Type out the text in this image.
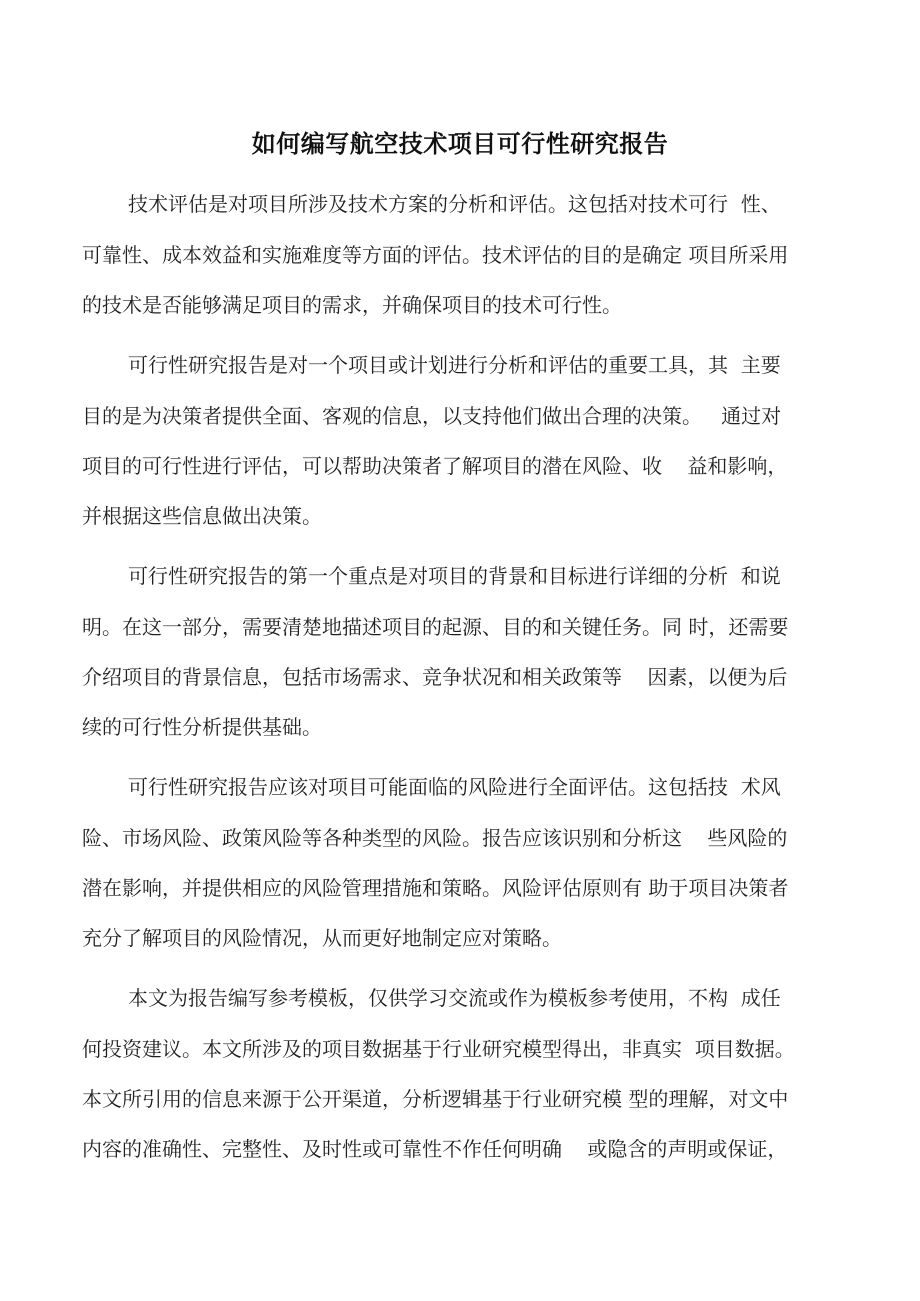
如何编写航空技术项目可行性研究报告
技术评估是对项目所涉及技术方案的分析和评估。这包括对技术可行  性、
可靠性、成本效益和实施难度等方面的评估。技术评估的目的是确定 项目所采用
的技术是否能够满足项目的需求，并确保项目的技术可行性。
可行性研究报告是对一个项目或计划进行分析和评估的重要工具，其  主要
目的是为决策者提供全面、客观的信息，以支持他们做出合理的决策。   通过对
项目的可行性进行评估，可以帮助决策者了解项目的潜在风险、收    益和影响，
并根据这些信息做出决策。
可行性研究报告的第一个重点是对项目的背景和目标进行详细的分析  和说
明。在这一部分，需要清楚地描述项目的起源、目的和关键任务。同 时，还需要
介绍项目的背景信息，包括市场需求、竞争状况和相关政策等    因素，以便为后
续的可行性分析提供基础。
可行性研究报告应该对项目可能面临的风险进行全面评估。这包括技  术风
险、市场风险、政策风险等各种类型的风险。报告应该识别和分析这    些风险的
潜在影响，并提供相应的风险管理措施和策略。风险评估原则有 助于项目决策者
充分了解项目的风险情况，从而更好地制定应对策略。
本文为报告编写参考模板，仅供学习交流或作为模板参考使用，不构  成任
何投资建议。本文所涉及的项目数据基于行业研究模型得出，非真实  项目数据。
本文所引用的信息来源于公开渠道，分析逻辑基于行业研究模 型的理解，对文中
内容的准确性、完整性、及时性或可靠性不作任何明确    或隐含的声明或保证，
